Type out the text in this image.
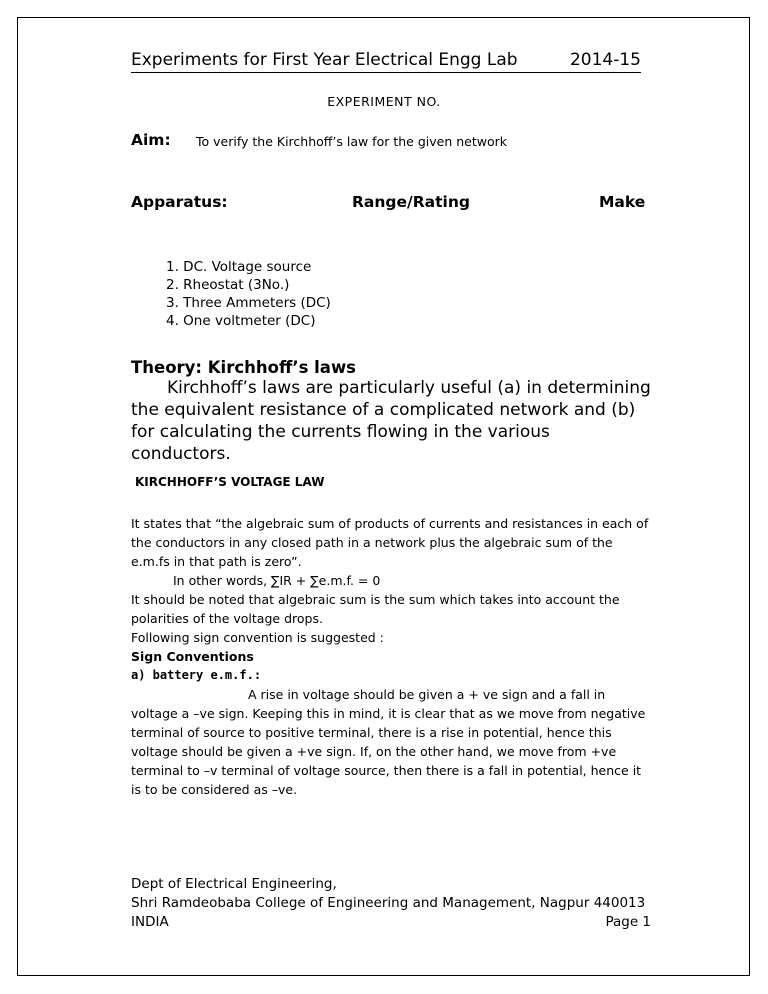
Experiments for First Year Electrical Engg Lab	2014-15
EXPERIMENT NO.
Aim: To verify the Kirchhoff’s law for the given network
Apparatus:	Range/Rating	Make
1. DC. Voltage source
2. Rheostat (3No.)
3. Three Ammeters (DC)
4. One voltmeter (DC)
Theory: Kirchhoff’s laws
Kirchhoff’s laws are particularly useful (a) in determining the equivalent resistance of a complicated network and (b) for calculating the currents flowing in the various conductors.
KIRCHHOFF’S VOLTAGE LAW

It states that “the algebraic sum of products of currents and resistances in each of the conductors in any closed path in a network plus the algebraic sum of the e.m.fs in that path is zero”.

In other words, ∑IR + ∑e.m.f. = 0

It should be noted that algebraic sum is the sum which takes into account the polarities of the voltage drops.

Following sign convention is suggested :

Sign Conventions

a) battery e.m.f.:

A rise in voltage should be given a + ve sign and a fall in

voltage a –ve sign. Keeping this in mind, it is clear that as we move from negative terminal of source to positive terminal, there is a rise in potential, hence this voltage should be given a +ve sign. If, on the other hand, we move from +ve terminal to –v terminal of voltage source, then there is a fall in potential, hence it is to be considered as –ve.

Dept of Electrical Engineering,
Shri Ramdeobaba College of Engineering and Management, Nagpur 440013
INDIA	Page 1
